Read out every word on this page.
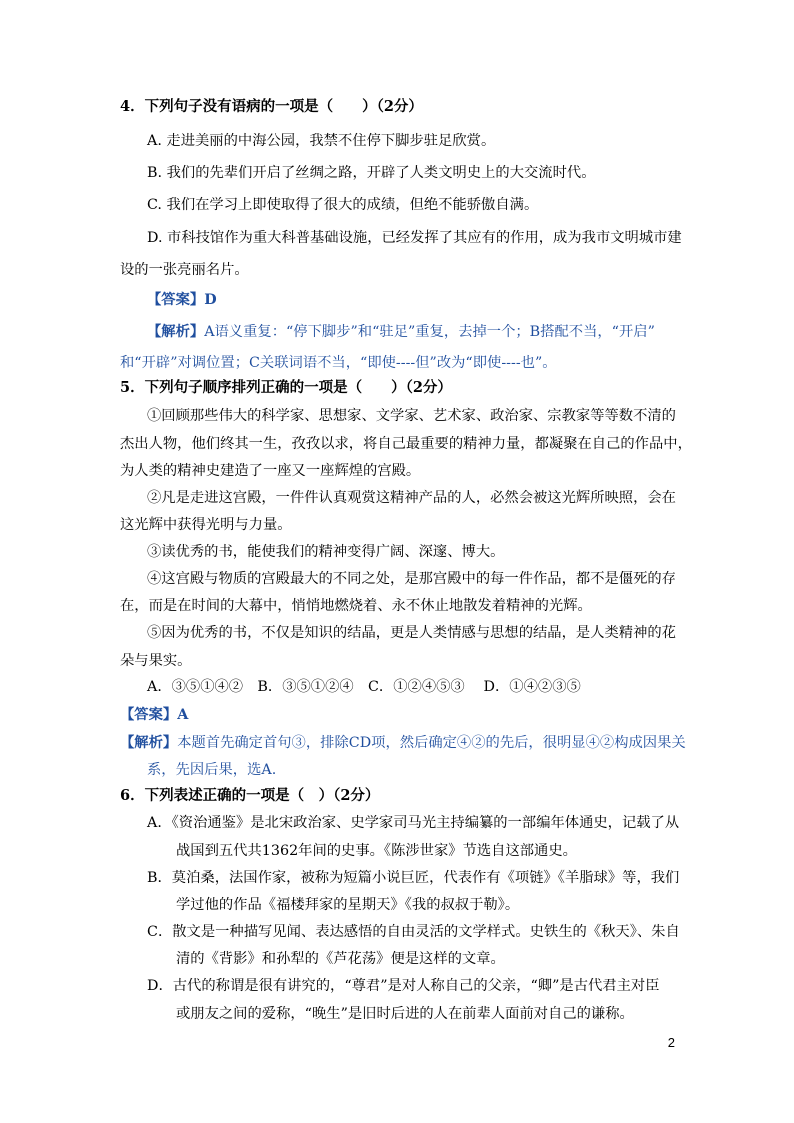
4．下列句子没有语病的一项是（　　）（2分）
A. 走进美丽的中海公园，我禁不住停下脚步驻足欣赏。
B. 我们的先辈们开启了丝绸之路，开辟了人类文明史上的大交流时代。
C. 我们在学习上即使取得了很大的成绩，但绝不能骄傲自满。
D. 市科技馆作为重大科普基础设施，已经发挥了其应有的作用，成为我市文明城市建
设的一张亮丽名片。
【答案】D
【解析】A语义重复：“停下脚步”和“驻足”重复，去掉一个；B搭配不当，“开启”
和“开辟”对调位置；C关联词语不当，“即使----但”改为“即使----也”。
5．下列句子顺序排列正确的一项是（　　）（2分）
①回顾那些伟大的科学家、思想家、文学家、艺术家、政治家、宗教家等等数不清的
杰出人物，他们终其一生，孜孜以求，将自己最重要的精神力量，都凝聚在自己的作品中，
为人类的精神史建造了一座又一座辉煌的宫殿。
②凡是走进这宫殿，一件件认真观赏这精神产品的人，必然会被这光辉所映照，会在
这光辉中获得光明与力量。
③读优秀的书，能使我们的精神变得广阔、深邃、博大。
④这宫殿与物质的宫殿最大的不同之处，是那宫殿中的每一件作品，都不是僵死的存
在，而是在时间的大幕中，悄悄地燃烧着、永不休止地散发着精神的光辉。
⑤因为优秀的书，不仅是知识的结晶，更是人类情感与思想的结晶，是人类精神的花
朵与果实。
A．③⑤①④②　B．③⑤①②④　C．①②④⑤③　 D．①④②③⑤
【答案】A
【解析】本题首先确定首句③，排除CD项，然后确定④②的先后，很明显④②构成因果关
系，先因后果，选A.
6．下列表述正确的一项是（　）（2分）
A．《资治通鉴》是北宋政治家、史学家司马光主持编纂的一部编年体通史，记载了从
战国到五代共1362年间的史事。《陈涉世家》节选自这部通史。
B．莫泊桑，法国作家，被称为短篇小说巨匠，代表作有《项链》《羊脂球》等，我们
学过他的作品《福楼拜家的星期天》《我的叔叔于勒》。
C．散文是一种描写见闻、表达感悟的自由灵活的文学样式。史铁生的《秋天》、朱自
清的《背影》和孙犁的《芦花荡》便是这样的文章。
D．古代的称谓是很有讲究的，“尊君”是对人称自己的父亲，“卿”是古代君主对臣
或朋友之间的爱称，“晚生”是旧时后进的人在前辈人面前对自己的谦称。
2
